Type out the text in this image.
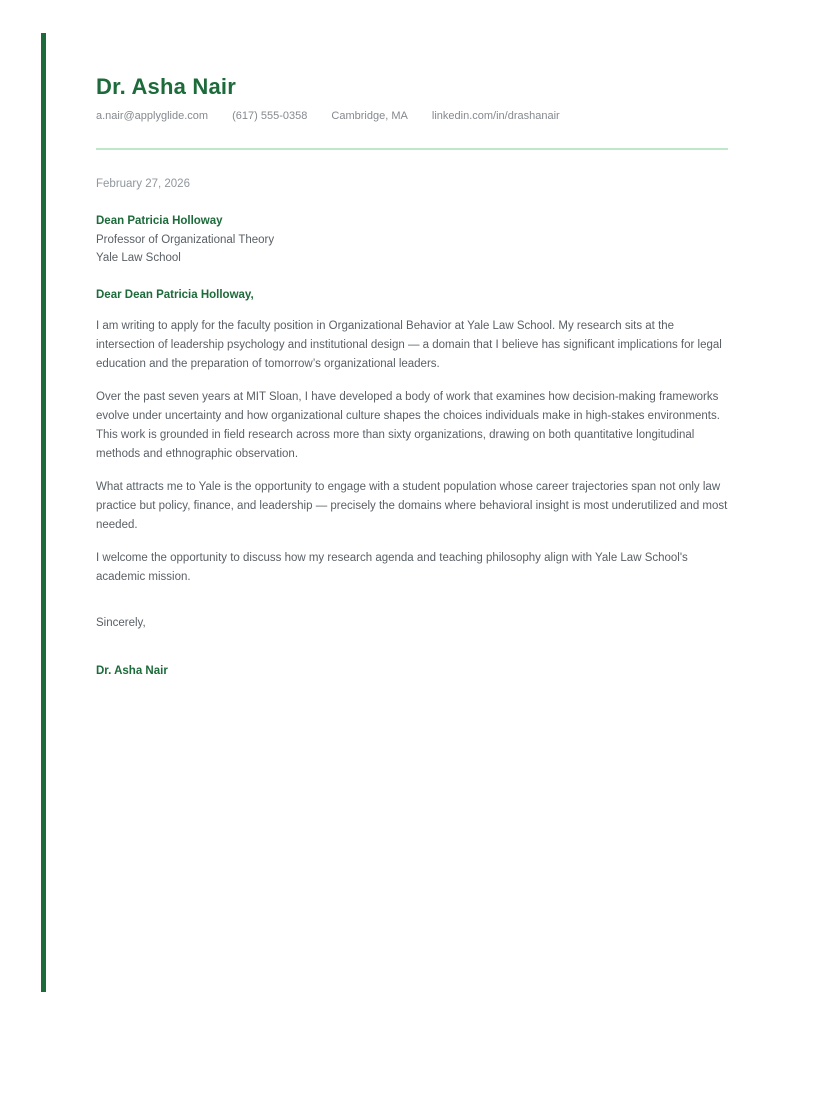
Dr. Asha Nair

a.nair@applyglide.com (617) 555-0358 Cambridge, MA linkedin.com/in/drashanair

February 27, 2026

Dean Patricia Holloway

Professor of Organizational Theory

Yale Law School

Dear Dean Patricia Holloway,

I am writing to apply for the faculty position in Organizational Behavior at Yale Law School. My research sits at the intersection of leadership psychology and institutional design — a domain that I believe has significant implications for legal education and the preparation of tomorrow’s organizational leaders.

Over the past seven years at MIT Sloan, I have developed a body of work that examines how decision-making frameworks evolve under uncertainty and how organizational culture shapes the choices individuals make in high-stakes environments. This work is grounded in field research across more than sixty organizations, drawing on both quantitative longitudinal methods and ethnographic observation.

What attracts me to Yale is the opportunity to engage with a student population whose career trajectories span not only law practice but policy, finance, and leadership — precisely the domains where behavioral insight is most underutilized and most needed.

I welcome the opportunity to discuss how my research agenda and teaching philosophy align with Yale Law School's academic mission.

Sincerely,

Dr. Asha Nair
